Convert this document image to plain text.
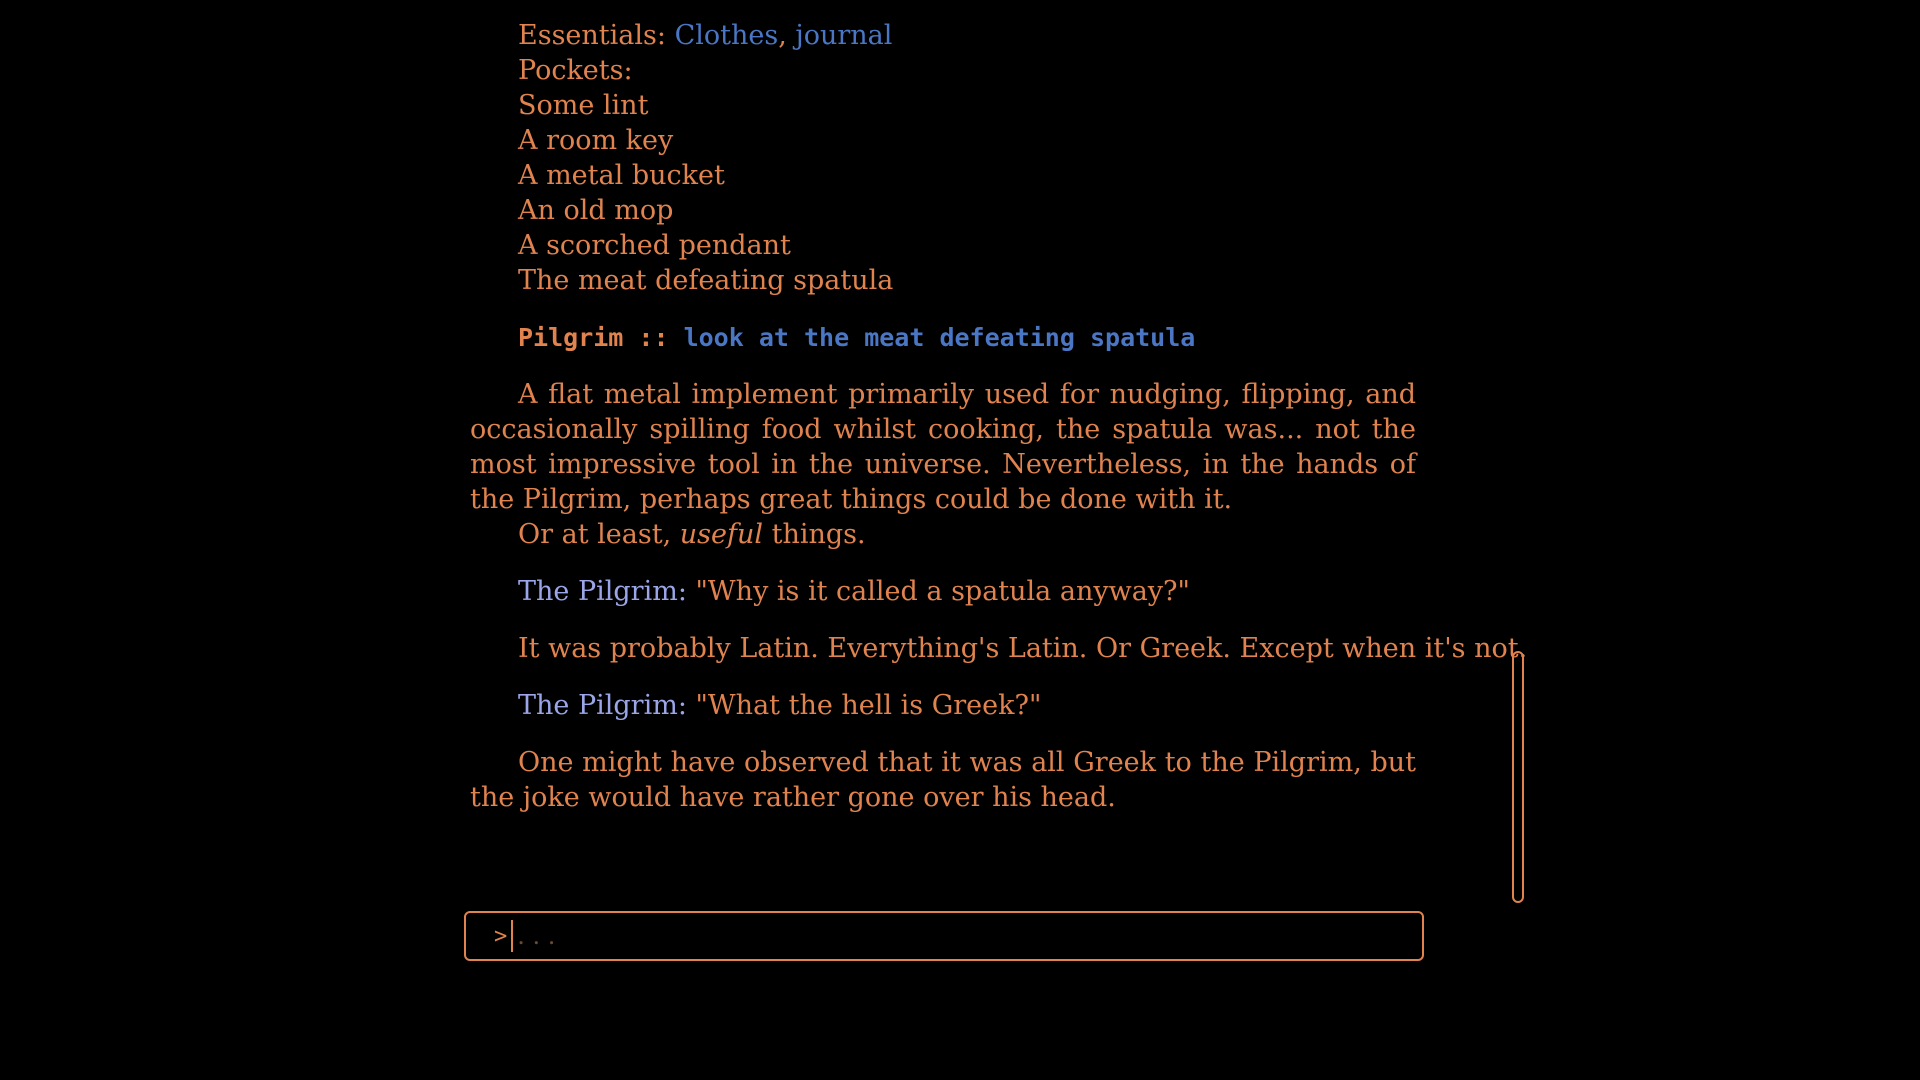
Essentials: Clothes, journal
Pockets:
Some lint
A room key
A metal bucket
An old mop
A scorched pendant
The meat defeating spatula
Pilgrim :: look at the meat defeating spatula
A flat metal implement primarily used for nudging, flipping, and occasionally spilling food whilst cooking, the spatula was... not the most impressive tool in the universe. Nevertheless, in the hands of the Pilgrim, perhaps great things could be done with it.
Or at least, useful things.
The Pilgrim: "Why is it called a spatula anyway?"
It was probably Latin. Everything's Latin. Or Greek. Except when it's not.
The Pilgrim: "What the hell is Greek?"
One might have observed that it was all Greek to the Pilgrim, but the joke would have rather gone over his head.
>
. . .
